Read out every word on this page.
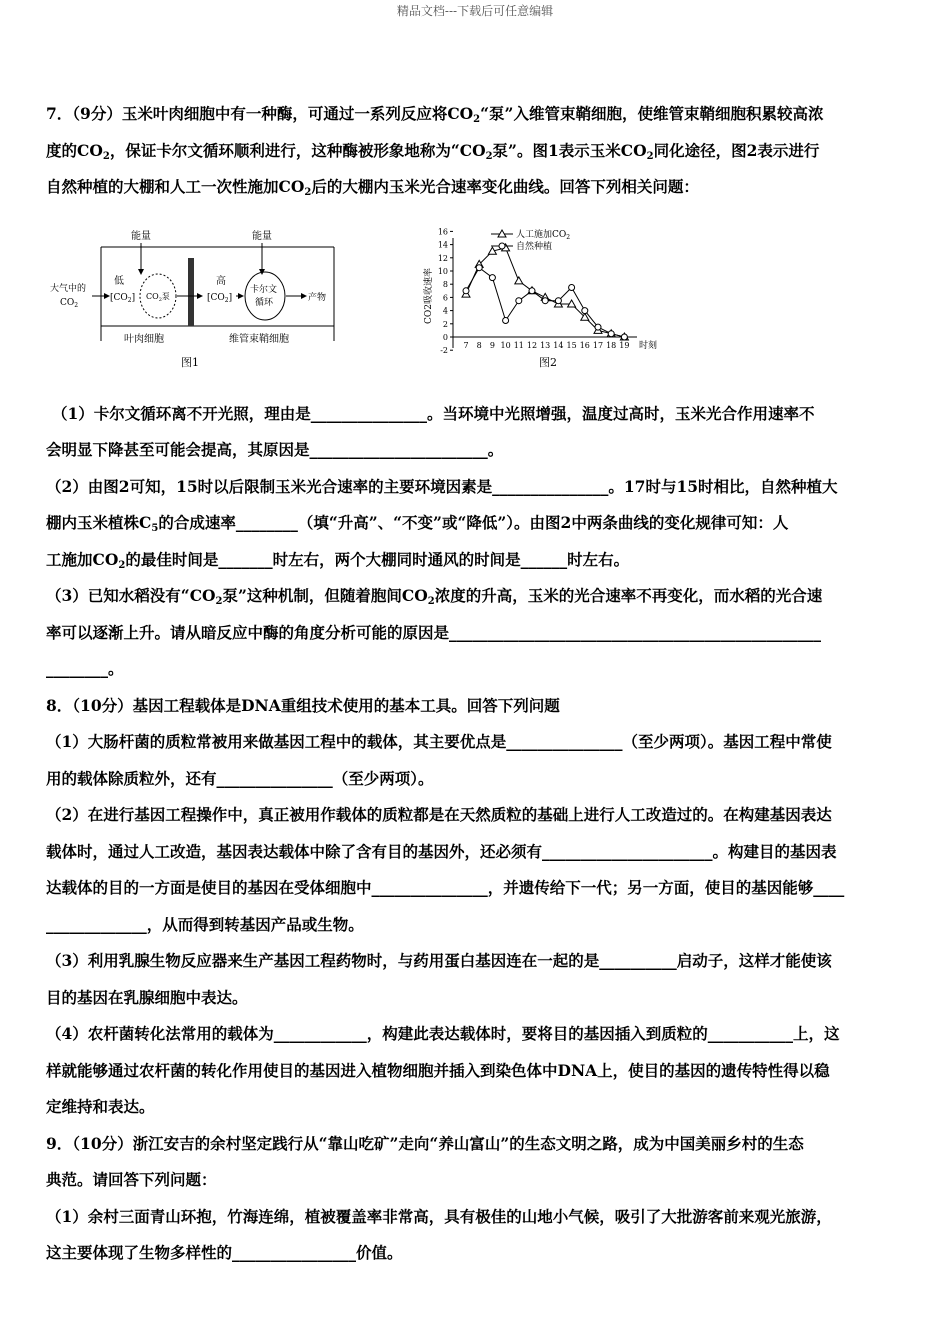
精品文档---下载后可任意编辑

7．（9分）玉米叶肉细胞中有一种酶，可通过一系列反应将$CO_2“$泵”入维管束鞘细胞，使维管束鞘细胞积累较高浓

度的$CO_2$，保证卡尔文循环顺利进行，这种酶被形象地称为“$CO_2$泵”。图1表示玉米$CO_2$同化途径，图2表示进行

自然种植的大棚和人工一次性施加$CO_2$后的大棚内玉米光合速率变化曲线。回答下列相关问题：

能量	能量
大气中的
$CO_2$
低
$[CO_2]$ $CO_2$泵
高
$[CO_2]$
卡尔文
循环	产物
叶肉细胞	维管束鞘细胞
图1
CO2吸收速率
-2
0
2
4
6
8
10
12
14
16
7 8 9 10 11 12 13 14 15 16 17 18 19 时刻
人工施加$CO_2$
自然种植
图2

（1）卡尔文循环离不开光照，理由是_______________。当环境中光照增强，温度过高时，玉米光合作用速率不

会明显下降甚至可能会提高，其原因是_______________________。

（2）由图2可知，15时以后限制玉米光合速率的主要环境因素是_______________。17时与15时相比，自然种植大

棚内玉米植株$C_5$的合成速率________（填“升高”、“不变”或“降低”）。由图2中两条曲线的变化规律可知：人

工施加$CO_2$的最佳时间是_______时左右，两个大棚同时通风的时间是______时左右。

（3）已知水稻没有“$CO_2$泵”这种机制，但随着胞间$CO_2$浓度的升高，玉米的光合速率不再变化，而水稻的光合速

率可以逐渐上升。请从暗反应中酶的角度分析可能的原因是________________________________________________

________。

8．（10分）基因工程载体是DNA重组技术使用的基本工具。回答下列问题

（1）大肠杆菌的质粒常被用来做基因工程中的载体，其主要优点是_______________（至少两项）。基因工程中常使

用的载体除质粒外，还有_______________（至少两项）。

（2）在进行基因工程操作中，真正被用作载体的质粒都是在天然质粒的基础上进行人工改造过的。在构建基因表达

载体时，通过人工改造，基因表达载体中除了含有目的基因外，还必须有______________________。构建目的基因表

达载体的目的一方面是使目的基因在受体细胞中_______________，并遗传给下一代；另一方面，使目的基因能够____

_____________，从而得到转基因产品或生物。

（3）利用乳腺生物反应器来生产基因工程药物时，与药用蛋白基因连在一起的是__________启动子，这样才能使该

目的基因在乳腺细胞中表达。

（4）农杆菌转化法常用的载体为____________，构建此表达载体时，要将目的基因插入到质粒的___________上，这

样就能够通过农杆菌的转化作用使目的基因进入植物细胞并插入到染色体中DNA上，使目的基因的遗传特性得以稳

定维持和表达。

9．（10分）浙江安吉的余村坚定践行从“靠山吃矿”走向“养山富山”的生态文明之路，成为中国美丽乡村的生态

典范。请回答下列问题：

（1）余村三面青山环抱，竹海连绵，植被覆盖率非常高，具有极佳的山地小气候，吸引了大批游客前来观光旅游，

这主要体现了生物多样性的________________价值。
